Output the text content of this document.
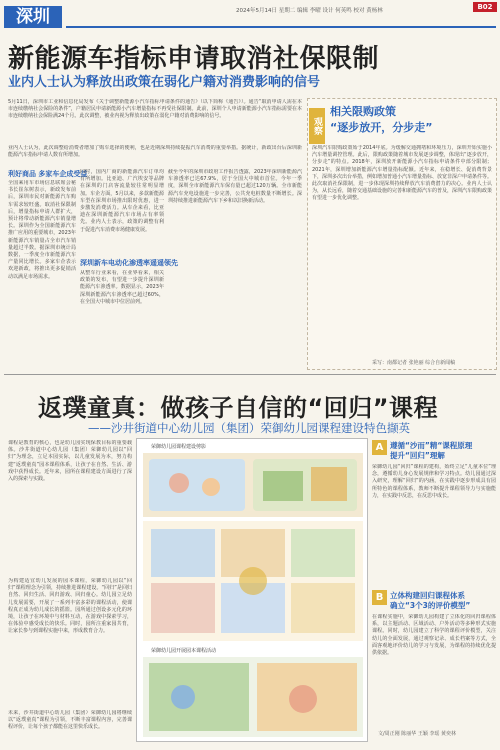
深圳	2024年5月14日 星期二 编辑 李曜 设计 何英鸣 校对 黄杨林	B02
新能源车指标申请取消社保限制
业内人士认为释放出政策在弱化户籍对消费影响的信号
5月11日，深圳市工业和信息化局发布《关于调整新能源小汽车指标申请条件的通告》（以下简称《通告》）。通告“取消申请人需在本市连续缴纳社会保险的条件”，户籍居民申请新能源小汽车增量指标不再受社保限制。此前，深圳个人申请新能源小汽车指标需要在本市连续缴纳社会保险满24个月。此次调整，被业内视为释放出政策在弱化户籍对消费影响的信号。
业内人士认为，此次调整给消费者增加了购车选择的便利，也是近期深圳持续提振汽车消费的重要举措。据统计，新政出台后深圳新能源汽车指标申请人数有所增加。
利好商品 多家车企成受益
全国乘用车市场信息联席会秘书长崔东树表示，新政发布前后，深圳市民对新能源汽车购车需求较旺盛。取消社保限制后，增量指标申请人群扩大，预计将带动新能源汽车销量增长。深圳作为全国新能源汽车推广应用的重要城市，2023年新能源汽车销量占全市汽车销量超过半数。据深圳市统计局数据，一季度全市新能源汽车产量同比增长。多家车企表示欢迎新政，将推出更多促销活动以满足市场需求。
同时，国内厂商的新能源汽车订单均有所增加。比亚迪、广汽埃安等品牌在深圳的门店客流量较往常明显增加。车企方面，5月以来，多款新能源车型在深圳市场推出限时优惠，进一步激发消费活力。从车企来看，比亚迪在深圳新能源汽车市场占有率领先。业内人士表示，政策的调整有利于促进汽车消费市场健康发展。
深圳新车电动化渗透率遥遥领先
从整车行业来看，在业界看来，相关政策的发布，有望进一步提升深圳新能源汽车渗透率。数据显示，2023年深圳新能源汽车渗透率已超过60%，在全国大中城市中位居前列。
截至今年的深圳市政府工作报告透露，2023年深圳新能源汽车渗透率已达67.9%，居于全国大中城市首位。今年一季度，深圳全市新能源汽车保有量已超过120万辆。全市新能源汽车充电设施进一步完善，公共充电桩数量不断增长。深圳持续推进新能源汽车下乡和以旧换新活动。
观察
相关限购政策
“逐步放开，分步走”
深圳汽车限购政策始于2014年底。为缓解交通拥堵和环境压力，深圳开始实施小汽车增量调控管理。此后，限购政策随着城市发展逐步调整，体现出“逐步放开，分步走”的特点。2018年，深圳放开新能源小汽车指标申请条件中部分限制；2021年，深圳增加新能源汽车增量指标配额。近年来，在稳增长、促消费背景下，深圳多次出台举措，例如增加普通小汽车增量指标、放宽非深户申请条件等。此次取消社保限制，进一步体现深圳持续释放汽车消费潜力的决心。业内人士认为，从长远看，随着交通基础设施的完善和新能源汽车的普及，深圳汽车限购政策有望进一步优化调整。
采写：南都记者 张艳丽 综合自新闻稿
返璞童真：做孩子自信的“回归”课程
——沙井街道中心幼儿园（集团）荣御幼儿园课程建设特色撷英
课程是教育的核心，也是幼儿园实现保教目标的重要载体。沙井街道中心幼儿园（集团）荣御幼儿园以“回归”为理念，立足本园实际，以儿童发展为本，努力构建“返璞童真”园本课程体系，让孩子在自然、生活、游戏中获得成长。近年来，园所在课程建设方面进行了深入的探索与实践。
为构建适宜幼儿发展的园本课程，荣御幼儿园以“回归”课程理念为引领，持续推进课程建设。“回归”是回归自然、回归生活、回归游戏、回归童心。幼儿园立足幼儿发展需要，开展了一系列丰富多彩的课程活动，使课程真正成为幼儿成长的摇篮。园所通过创设多元化的环境，让孩子在环境中与材料互动，在游戏中探索学习，在体验中感受成长的快乐。同时，园所注重家园共育，让家长参与到课程实施中来，形成教育合力。
未来，沙井街道中心幼儿园（集团）荣御幼儿园将继续以“返璞童真”课程为引领，不断丰富课程内容，完善课程评价，让每个孩子都能在这里快乐成长。
荣御幼儿园课程建设剪影
荣御幼儿园开展园本课程活动
A 遵循“沙而”精“课程原理
提升“回归”理解
荣御幼儿园“回归”课程的建构，始终立足“儿童本位”理念，遵循幼儿身心发展规律和学习特点。幼儿园通过深入研究，理解“回归”的内涵，在实践中逐步形成具有园所特色的课程体系，教师不断提升课程领导力与实施能力，在实践中反思，在反思中成长。
B 立体构建回归课程体系
确立“3个3的评价模型”
在课程实施中，荣御幼儿园构建了立体化的回归课程体系，以主题活动、区域活动、户外活动等多种形式实施课程。同时，幼儿园建立了科学的课程评价模型，关注幼儿的全面发展，通过观察记录、成长档案等方式，全面客观地评价幼儿的学习与发展，为课程的持续优化提供依据。
文/周正刚 陈丽华 王颖 李瑶 黄奕林
